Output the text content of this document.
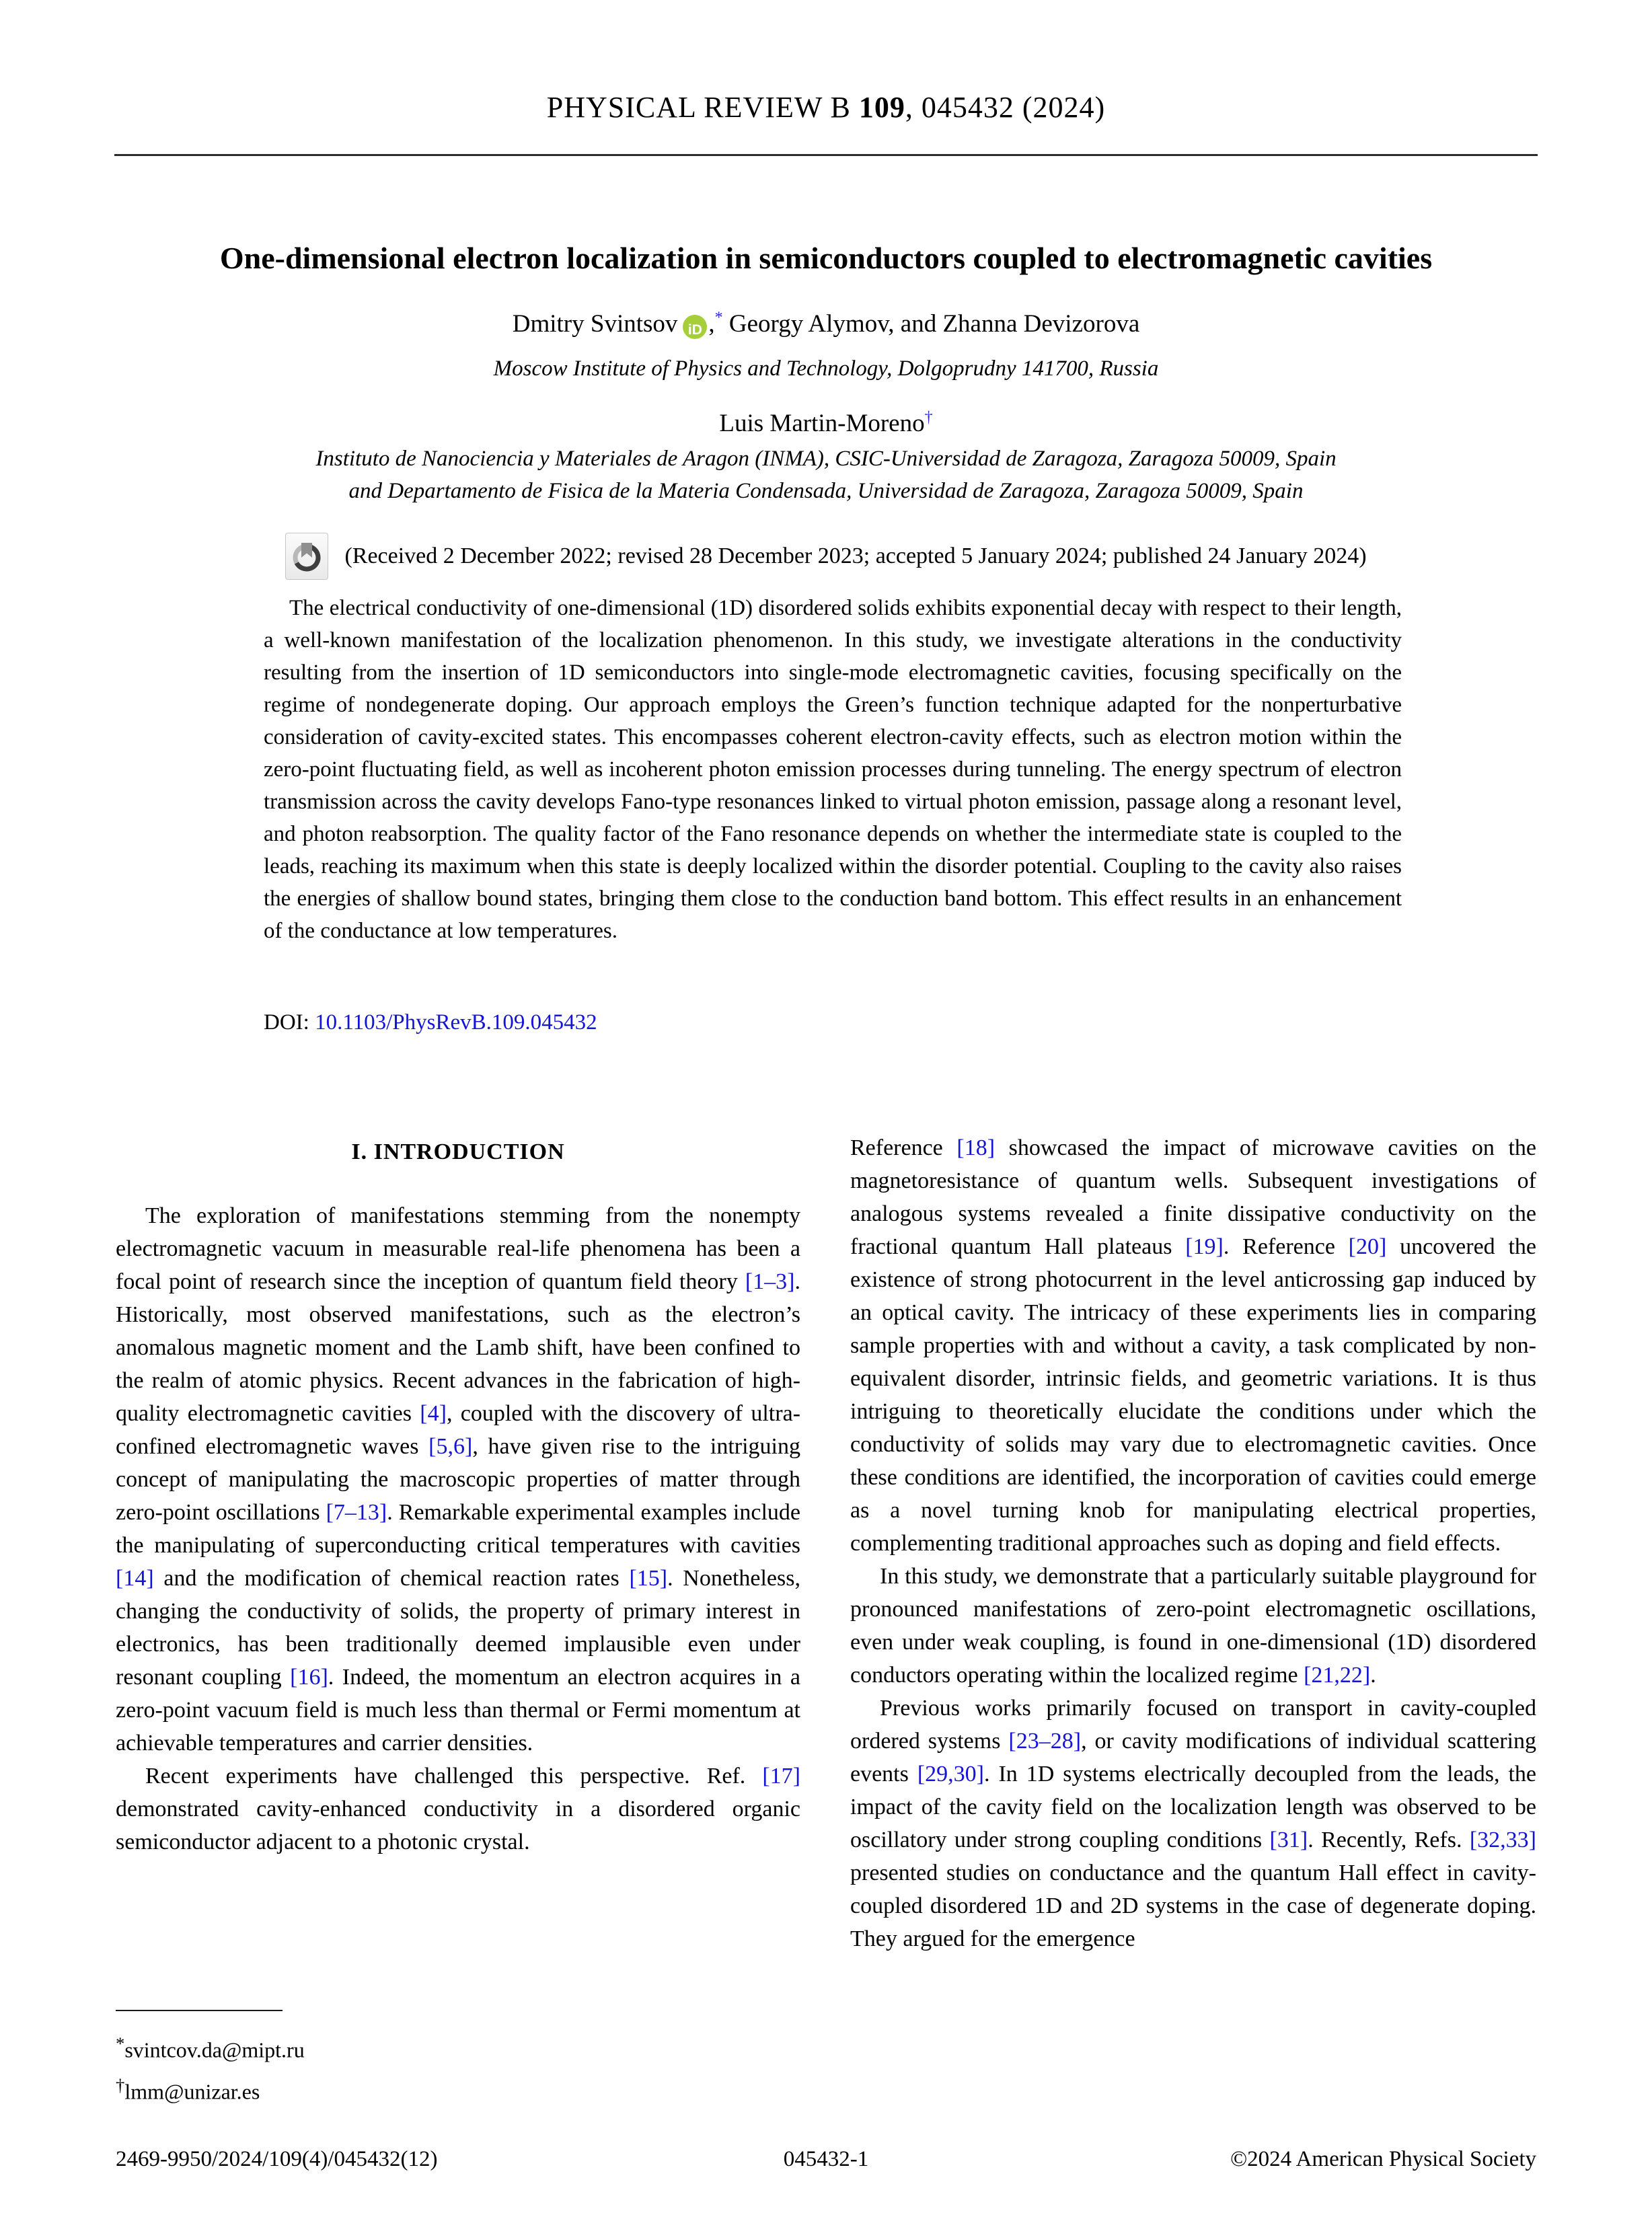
PHYSICAL REVIEW B 109, 045432 (2024)
One-dimensional electron localization in semiconductors coupled to electromagnetic cavities
Dmitry Svintsov iD ,* Georgy Alymov, and Zhanna Devizorova
Moscow Institute of Physics and Technology, Dolgoprudny 141700, Russia
Luis Martin-Moreno†
Instituto de Nanociencia y Materiales de Aragon (INMA), CSIC-Universidad de Zaragoza, Zaragoza 50009, Spain
and Departamento de Fisica de la Materia Condensada, Universidad de Zaragoza, Zaragoza 50009, Spain
(Received 2 December 2022; revised 28 December 2023; accepted 5 January 2024; published 24 January 2024)

The electrical conductivity of one-dimensional (1D) disordered solids exhibits exponential decay with respect to their length, a well-known manifestation of the localization phenomenon. In this study, we investigate alterations in the conductivity resulting from the insertion of 1D semiconductors into single-mode electromagnetic cavities, focusing specifically on the regime of nondegenerate doping. Our approach employs the Green’s function technique adapted for the nonperturbative consideration of cavity-excited states. This encompasses coherent electron-cavity effects, such as electron motion within the zero-point fluctuating field, as well as incoherent photon emission processes during tunneling. The energy spectrum of electron transmission across the cavity develops Fano-type resonances linked to virtual photon emission, passage along a resonant level, and photon reabsorption. The quality factor of the Fano resonance depends on whether the intermediate state is coupled to the leads, reaching its maximum when this state is deeply localized within the disorder potential. Coupling to the cavity also raises the energies of shallow bound states, bringing them close to the conduction band bottom. This effect results in an enhancement of the conductance at low temperatures.

DOI: 10.1103/PhysRevB.109.045432
I. INTRODUCTION

The exploration of manifestations stemming from the nonempty electromagnetic vacuum in measurable real-life phenomena has been a focal point of research since the inception of quantum field theory [1–3]. Historically, most observed manifestations, such as the electron’s anomalous magnetic moment and the Lamb shift, have been confined to the realm of atomic physics. Recent advances in the fabrication of high-quality electromagnetic cavities [4], coupled with the discovery of ultra-confined electromagnetic waves [5,6], have given rise to the intriguing concept of manipulating the macroscopic properties of matter through zero-point oscillations [7–13]. Remarkable experimental examples include the manipulating of superconducting critical temperatures with cavities [14] and the modification of chemical reaction rates [15]. Nonetheless, changing the conductivity of solids, the property of primary interest in electronics, has been traditionally deemed implausible even under resonant coupling [16]. Indeed, the momentum an electron acquires in a zero-point vacuum field is much less than thermal or Fermi momentum at achievable temperatures and carrier densities.

Recent experiments have challenged this perspective. Ref. [17] demonstrated cavity-enhanced conductivity in a disordered organic semiconductor adjacent to a photonic crystal.

Reference [18] showcased the impact of microwave cavities on the magnetoresistance of quantum wells. Subsequent investigations of analogous systems revealed a finite dissipative conductivity on the fractional quantum Hall plateaus [19]. Reference [20] uncovered the existence of strong photocurrent in the level anticrossing gap induced by an optical cavity. The intricacy of these experiments lies in comparing sample properties with and without a cavity, a task complicated by non-equivalent disorder, intrinsic fields, and geometric variations. It is thus intriguing to theoretically elucidate the conditions under which the conductivity of solids may vary due to electromagnetic cavities. Once these conditions are identified, the incorporation of cavities could emerge as a novel turning knob for manipulating electrical properties, complementing traditional approaches such as doping and field effects.

In this study, we demonstrate that a particularly suitable playground for pronounced manifestations of zero-point electromagnetic oscillations, even under weak coupling, is found in one-dimensional (1D) disordered conductors operating within the localized regime [21,22].

Previous works primarily focused on transport in cavity-coupled ordered systems [23–28], or cavity modifications of individual scattering events [29,30]. In 1D systems electrically decoupled from the leads, the impact of the cavity field on the localization length was observed to be oscillatory under strong coupling conditions [31]. Recently, Refs. [32,33] presented studies on conductance and the quantum Hall effect in cavity-coupled disordered 1D and 2D systems in the case of degenerate doping. They argued for the emergence

*svintcov.da@mipt.ru
†lmm@unizar.es
2469-9950/2024/109(4)/045432(12)	045432-1	©2024 American Physical Society
